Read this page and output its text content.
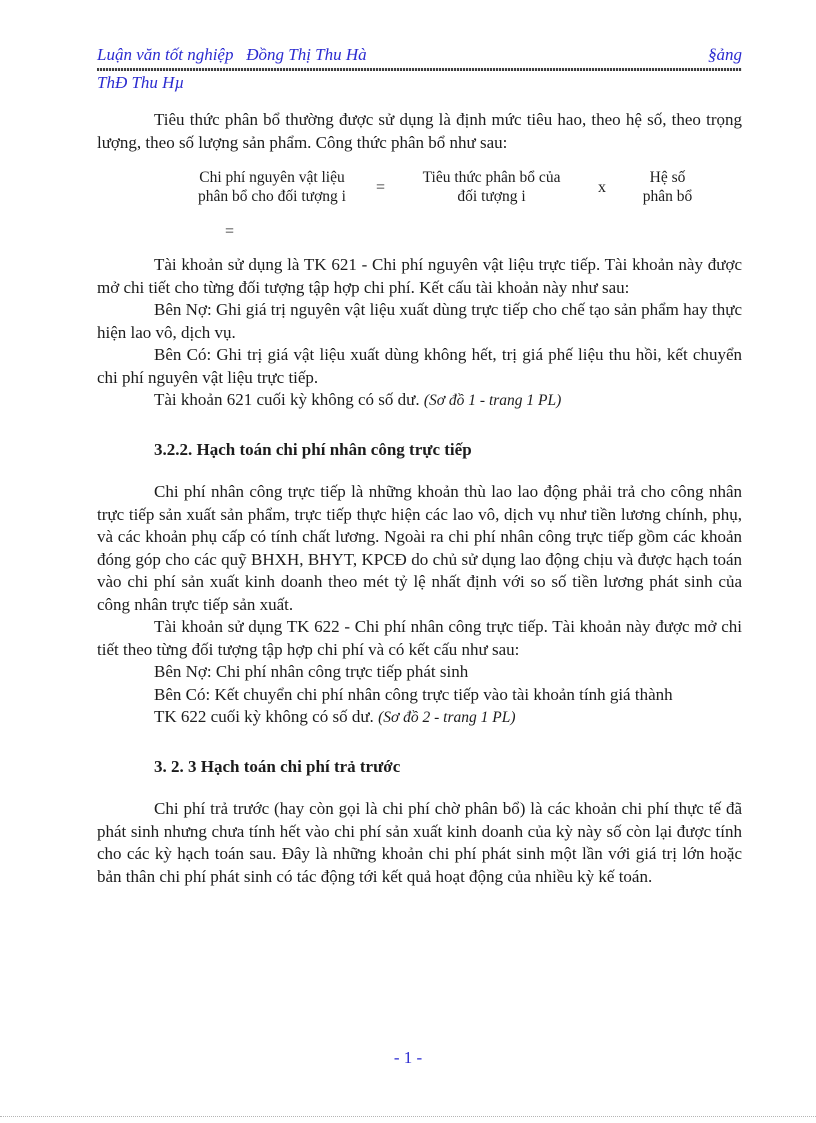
Luận văn tốt nghiệp   Đồng Thị Thu Hà	§ảng
ThĐ Thu Hµ

Tiêu thức phân bổ thường được sử dụng là định mức tiêu hao, theo hệ số, theo trọng lượng, theo số lượng sản phẩm. Công thức phân bổ như sau:

Chi phí nguyên vật liệu
phân bổ cho đối tượng i
=
Tiêu thức phân bổ của
đối tượng i
x
Hệ số
phân bổ
=

Tài khoản sử dụng là TK 621 - Chi phí nguyên vật liệu trực tiếp. Tài khoản này được mở chi tiết cho từng đối tượng tập hợp chi phí. Kết cấu tài khoản này như sau:

Bên Nợ: Ghi giá trị nguyên vật liệu xuất dùng trực tiếp cho chế tạo sản phẩm hay thực hiện lao vô, dịch vụ.

Bên Có: Ghi trị giá vật liệu xuất dùng không hết, trị giá phế liệu thu hồi, kết chuyển chi phí nguyên vật liệu trực tiếp.

Tài khoản 621 cuối kỳ không có số dư. (Sơ đồ 1 - trang 1 PL)

3.2.2. Hạch toán chi phí nhân công trực tiếp

Chi phí nhân công trực tiếp là những khoản thù lao lao động phải trả cho công nhân trực tiếp sản xuất sản phẩm, trực tiếp thực hiện các lao vô, dịch vụ như tiền lương chính, phụ, và các khoản phụ cấp có tính chất lương. Ngoài ra chi phí nhân công trực tiếp gồm các khoản đóng góp cho các quỹ BHXH, BHYT, KPCĐ do chủ sử dụng lao động chịu và được hạch toán vào chi phí sản xuất kinh doanh theo mét tỷ lệ nhất định với so số tiền lương phát sinh của công nhân trực tiếp sản xuất.

Tài khoản sử dụng TK 622 - Chi phí nhân công trực tiếp. Tài khoản này được mở chi tiết theo từng đối tượng tập hợp chi phí và có kết cấu như sau:

Bên Nợ: Chi phí nhân công trực tiếp phát sinh

Bên Có: Kết chuyển chi phí nhân công trực tiếp vào tài khoản tính giá thành

TK 622 cuối kỳ không có số dư. (Sơ đồ 2 - trang 1 PL)

3. 2. 3 Hạch toán chi phí trả trước

Chi phí trả trước (hay còn gọi là chi phí chờ phân bổ) là các khoản chi phí thực tế đã phát sinh nhưng chưa tính hết vào chi phí sản xuất kinh doanh của kỳ này số còn lại được tính cho các kỳ hạch toán sau. Đây là những khoản chi phí phát sinh một lần với giá trị lớn hoặc bản thân chi phí phát sinh có tác động tới kết quả hoạt động của nhiều kỳ kế toán.

- 1 -
